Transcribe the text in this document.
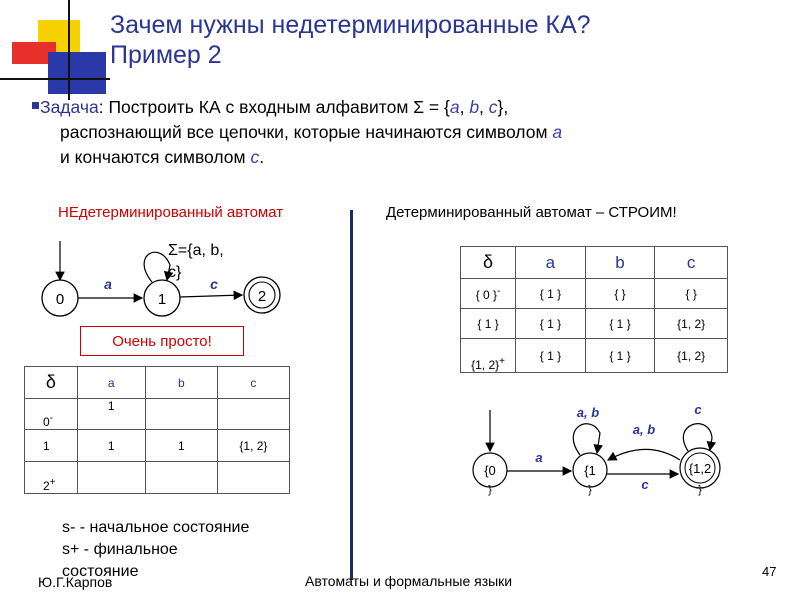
Зачем нужны недетерминированные КА?
Пример 2
Задача: Построить КА с входным алфавитом Σ = {a, b, c},
распознающий все цепочки, которые начинаются символом a
и кончаются символом c.
НЕдетерминированный автомат	Детерминированный автомат – СТРОИМ!
0	1	2
a	c
Σ={a, b,
c}
Очень просто!
δ	a	b	c
0-	1		
1	1	1	{1, 2}
2+			
δ	a	b	c
{ 0 }-	{ 1 }	{ }	{ }
{ 1 }	{ 1 }	{ 1 }	{1, 2}
{1, 2}+	{ 1 }	{ 1 }	{1, 2}
{0
}
{1
}
{1,2
}
a
c
a, b
a, b	c
s- - начальное состояние
s+ - финальное
состояние
Ю.Г.Карпов	Автоматы и формальные языки
47
